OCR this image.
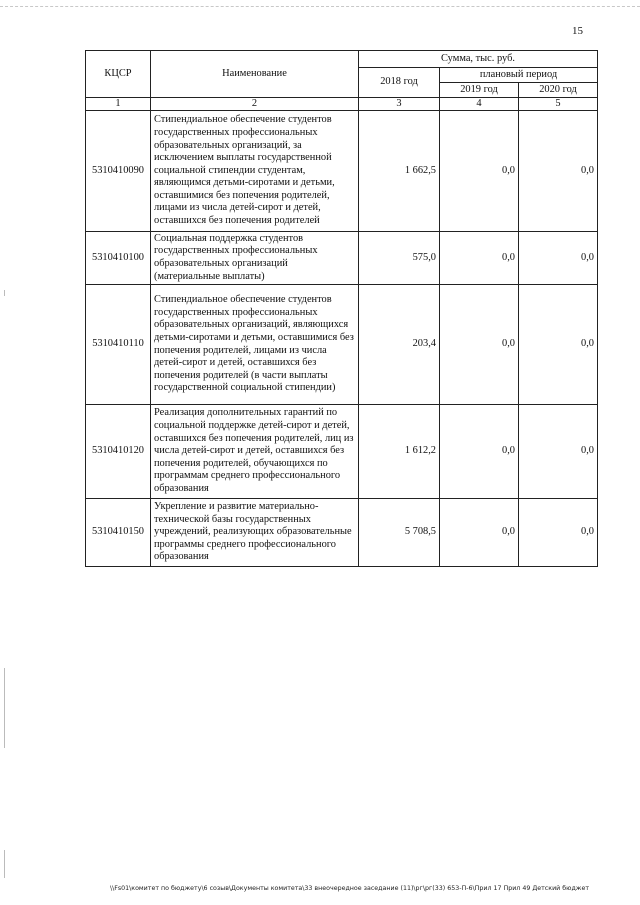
15
КЦСР	Наименование	Сумма, тыс. руб.		
		2018 год	плановый период	
			2019 год	2020 год
1	2	3	4	5
5310410090	Стипендиальное обеспечение студентов государственных профессиональных образовательных организаций, за исключением выплаты государственной социальной стипендии студентам, являющимся детьми-сиротами и детьми, оставшимися без попечения родителей, лицами из числа детей-сирот и детей, оставшихся без попечения родителей	1 662,5	0,0	0,0
5310410100	Социальная поддержка студентов государственных профессиональных образовательных организаций (материальные выплаты)	575,0	0,0	0,0
5310410110	Стипендиальное обеспечение студентов государственных профессиональных образовательных организаций, являющихся детьми-сиротами и детьми, оставшимися без попечения родителей, лицами из числа детей-сирот и детей, оставшихся без попечения родителей (в части выплаты государственной социальной стипендии)	203,4	0,0	0,0
5310410120	Реализация дополнительных гарантий по социальной поддержке детей-сирот и детей, оставшихся без попечения родителей, лиц из числа детей-сирот и детей, оставшихся без попечения родителей, обучающихся по программам среднего профессионального образования	1 612,2	0,0	0,0
5310410150	Укрепление и развитие материально-технической базы государственных учреждений, реализующих образовательные программы среднего профессионального образования	5 708,5	0,0	0,0
\\Fs01\комитет по бюджету\6 созыв\Документы комитета\33 внеочередное заседание (11)\рг\рг(33) 653-П-6\Прил 17 Прил 49 Детский бюджет
